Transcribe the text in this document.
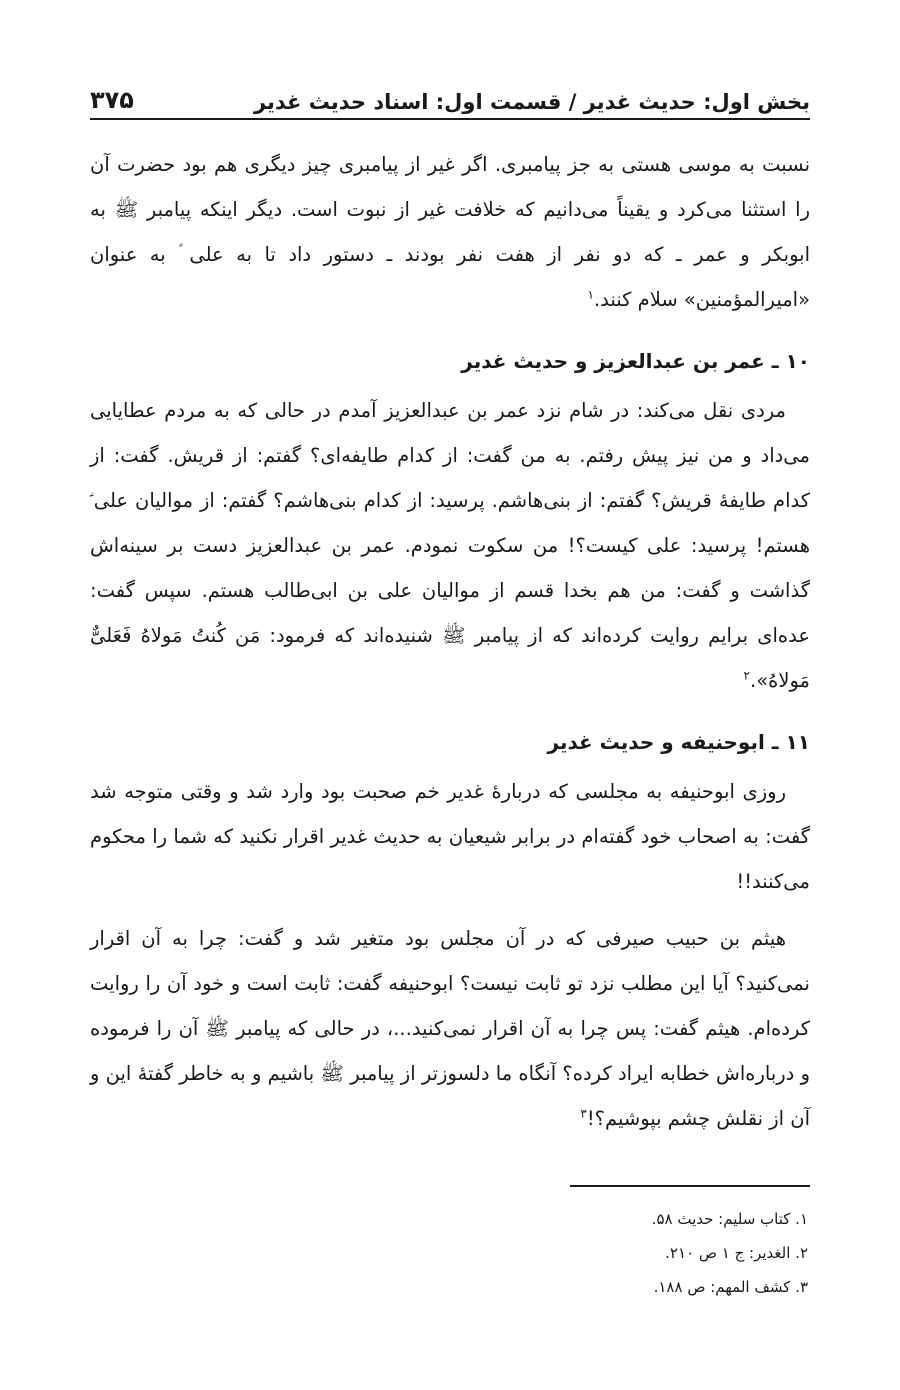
بخش اول: حدیث غدیر / قسمت اول: اسناد حدیث غدیر
۳۷۵

نسبت به موسی هستی به جز پیامبری. اگر غیر از پیامبری چیز دیگری هم بود حضرت آن را استثنا می‌کرد و یقیناً می‌دانیم که خلافت غیر از نبوت است. دیگر اینکه پیامبر ﷺ به ابوبکر و عمر ـ که دو نفر از هفت نفر بودند ـ دستور داد تا به علی ؑ به عنوان «امیرالمؤمنین» سلام کنند.$^۱$

۱۰ ـ عمر بن عبدالعزیز و حدیث غدیر

مردی نقل می‌کند: در شام نزد عمر بن عبدالعزیز آمدم در حالی که به مردم عطایایی می‌داد و من نیز پیش رفتم. به من گفت: از کدام طایفه‌ای؟ گفتم: از قریش. گفت: از کدام طایفهٔ قریش؟ گفتم: از بنی‌هاشم. پرسید: از کدام بنی‌هاشم؟ گفتم: از موالیان علی ؑ هستم! پرسید: علی کیست؟! من سکوت نمودم. عمر بن عبدالعزیز دست بر سینه‌اش گذاشت و گفت: من هم بخدا قسم از موالیان علی بن ابی‌طالب هستم. سپس گفت: عده‌ای برایم روایت کرده‌اند که از پیامبر ﷺ شنیده‌اند که فرمود: مَن کُنتُ مَولاهُ فَعَلیٌّ مَولاهُ».$^۲$

۱۱ ـ ابوحنیفه و حدیث غدیر

روزی ابوحنیفه به مجلسی که دربارهٔ غدیر خم صحبت بود وارد شد و وقتی متوجه شد گفت: به اصحاب خود گفته‌ام در برابر شیعیان به حدیث غدیر اقرار نکنید که شما را محکوم می‌کنند!!

هیثم بن حبیب صیرفی که در آن مجلس بود متغیر شد و گفت: چرا به آن اقرار نمی‌کنید؟ آیا این مطلب نزد تو ثابت نیست؟ ابوحنیفه گفت: ثابت است و خود آن را روایت کرده‌ام. هیثم گفت: پس چرا به آن اقرار نمی‌کنید...، در حالی که پیامبر ﷺ آن را فرموده و دربار‌ه‌اش خطابه ایراد کرده؟ آنگاه ما دلسوزتر از پیامبر ﷺ باشیم و به خاطر گفتهٔ این و آن از نقلش چشم بپوشیم؟!$^۳$

۱. کتاب سلیم: حدیث ۵۸.
۲. الغدیر: ج ۱ ص ۲۱۰.
۳. کشف المهم: ص ۱۸۸.
